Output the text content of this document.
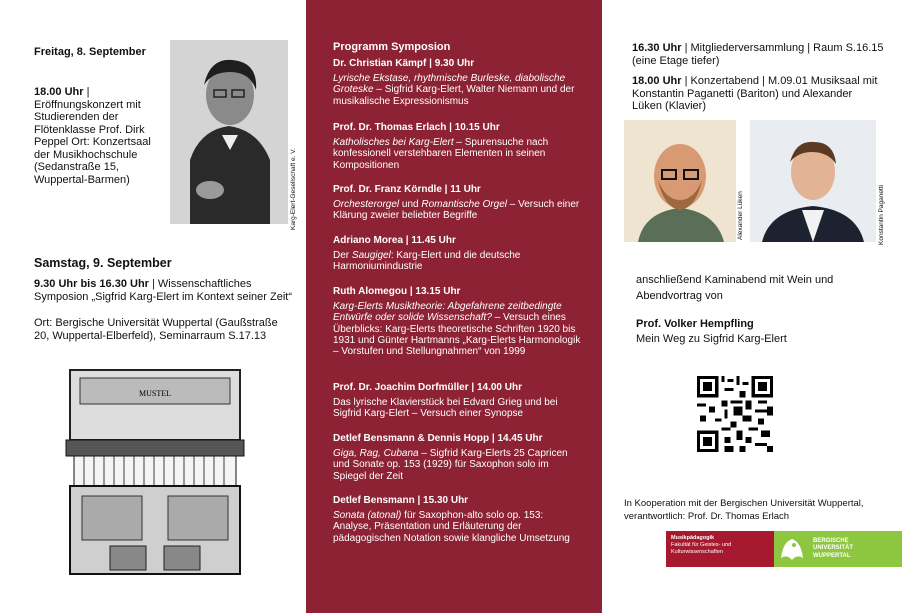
Freitag, 8. September
18.00 Uhr | Eröffnungskonzert mit Studierenden der Flötenklasse Prof. Dirk Peppel Ort: Konzertsaal der Musikhochschule (Sedanstraße 15, Wuppertal-Barmen)	Karg-Elert-Gesellschaft e. V.
Samstag, 9. September
9.30 Uhr bis 16.30 Uhr | Wissenschaftliches Symposion „Sigfrid Karg-Elert im Kontext seiner Zeit“
Ort: Bergische Universität Wuppertal (Gaußstraße 20, Wuppertal-Elberfeld), Seminarraum S.17.13
MUSTEL
Programm Symposion
Dr. Christian Kämpf | 9.30 Uhr
Lyrische Ekstase, rhythmische Burleske, diabolische Groteske – Sigfrid Karg-Elert, Walter Niemann und der musikalische Expressionismus
Prof. Dr. Thomas Erlach | 10.15 Uhr
Katholisches bei Karg-Elert – Spurensuche nach konfessionell verstehbaren Elementen in seinen Kompositionen
Prof. Dr. Franz Körndle | 11 Uhr
Orchesterorgel und Romantische Orgel – Versuch einer Klärung zweier beliebter Begriffe
Adriano Morea | 11.45 Uhr
Der Saugigel: Karg-Elert und die deutsche Harmoniumindustrie
Ruth Alomegou | 13.15 Uhr
Karg-Elerts Musiktheorie: Abgefahrene zeitbedingte Entwürfe oder solide Wissenschaft? – Versuch eines Überblicks: Karg-Elerts theoretische Schriften 1920 bis 1931 und Günter Hartmanns „Karg-Elerts Harmonologik – Vorstufen und Stellungnahmen“ von 1999
Prof. Dr. Joachim Dorfmüller | 14.00 Uhr
Das lyrische Klavierstück bei Edvard Grieg und bei Sigfrid Karg-Elert – Versuch einer Synopse
Detlef Bensmann & Dennis Hopp | 14.45 Uhr
Giga, Rag, Cubana – Sigfrid Karg-Elerts 25 Capricen und Sonate op. 153 (1929) für Saxophon solo im Spiegel der Zeit
Detlef Bensmann | 15.30 Uhr
Sonata (atonal) für Saxophon-alto solo op. 153: Analyse, Präsentation und Erläuterung der pädagogischen Notation sowie klangliche Umsetzung
16.30 Uhr | Mitgliederversammlung | Raum S.16.15 (eine Etage tiefer)
18.00 Uhr | Konzertabend | M.09.01 Musiksaal mit Konstantin Paganetti (Bariton) und Alexander Lüken (Klavier)
Alexander Lüken	Konstantin Paganetti
anschließend Kaminabend mit Wein und Abendvortrag von
Prof. Volker Hempfling
Mein Weg zu Sigfrid Karg-Elert
In Kooperation mit der Bergischen Universität Wuppertal, verantwortlich: Prof. Dr. Thomas Erlach
Musikpädagogik
Fakultät für Geistes- und Kulturwissenschaften
BERGISCHE UNIVERSITÄT WUPPERTAL
